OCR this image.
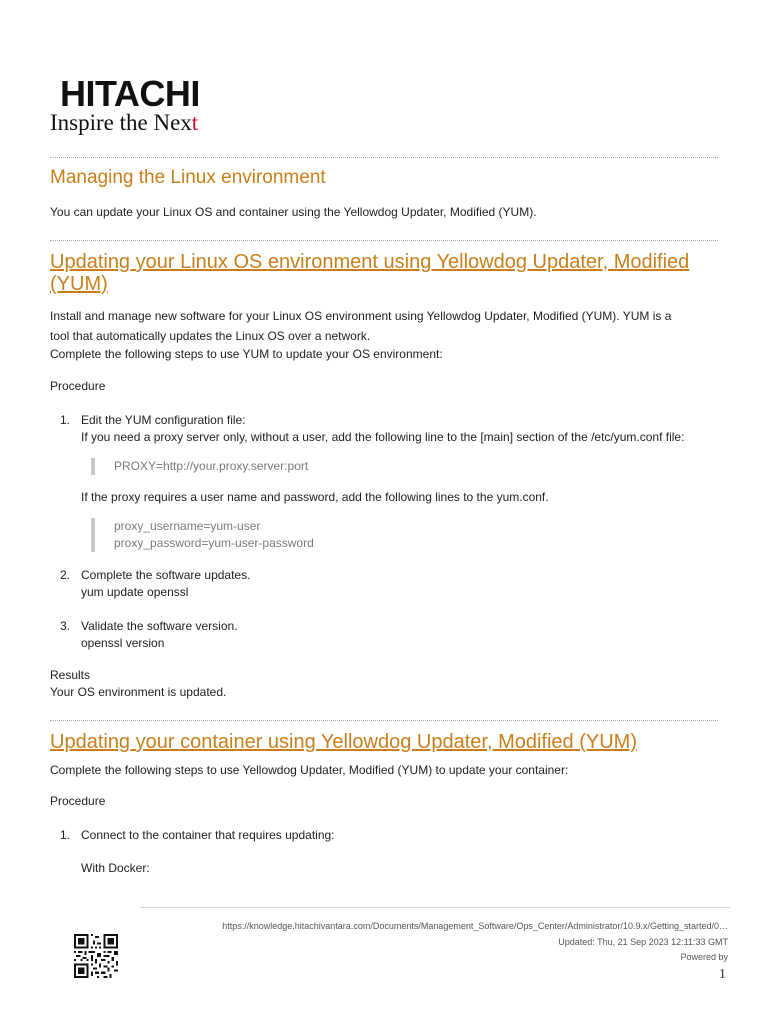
HITACHI
Inspire the Next
Managing the Linux environment
You can update your Linux OS and container using the Yellowdog Updater, Modified (YUM).
Updating your Linux OS environment using Yellowdog Updater, Modified
(YUM)
Install and manage new software for your Linux OS environment using Yellowdog Updater, Modified (YUM). YUM is a
tool that automatically updates the Linux OS over a network.
Complete the following steps to use YUM to update your OS environment:
Procedure
1. Edit the YUM configuration file:
If you need a proxy server only, without a user, add the following line to the [main] section of the /etc/yum.conf file:
PROXY=http://your.proxy.server:port
If the proxy requires a user name and password, add the following lines to the yum.conf.
proxy_username=yum-user
proxy_password=yum-user-password
2. Complete the software updates.
yum update openssl
3. Validate the software version.
openssl version
Results
Your OS environment is updated.
Updating your container using Yellowdog Updater, Modified (YUM)
Complete the following steps to use Yellowdog Updater, Modified (YUM) to update your container:
Procedure
1. Connect to the container that requires updating:
With Docker:
https://knowledge.hitachivantara.com/Documents/Management_Software/Ops_Center/Administrator/10.9.x/Getting_started/0…
Updated: Thu, 21 Sep 2023 12:11:33 GMT
Powered by
1
